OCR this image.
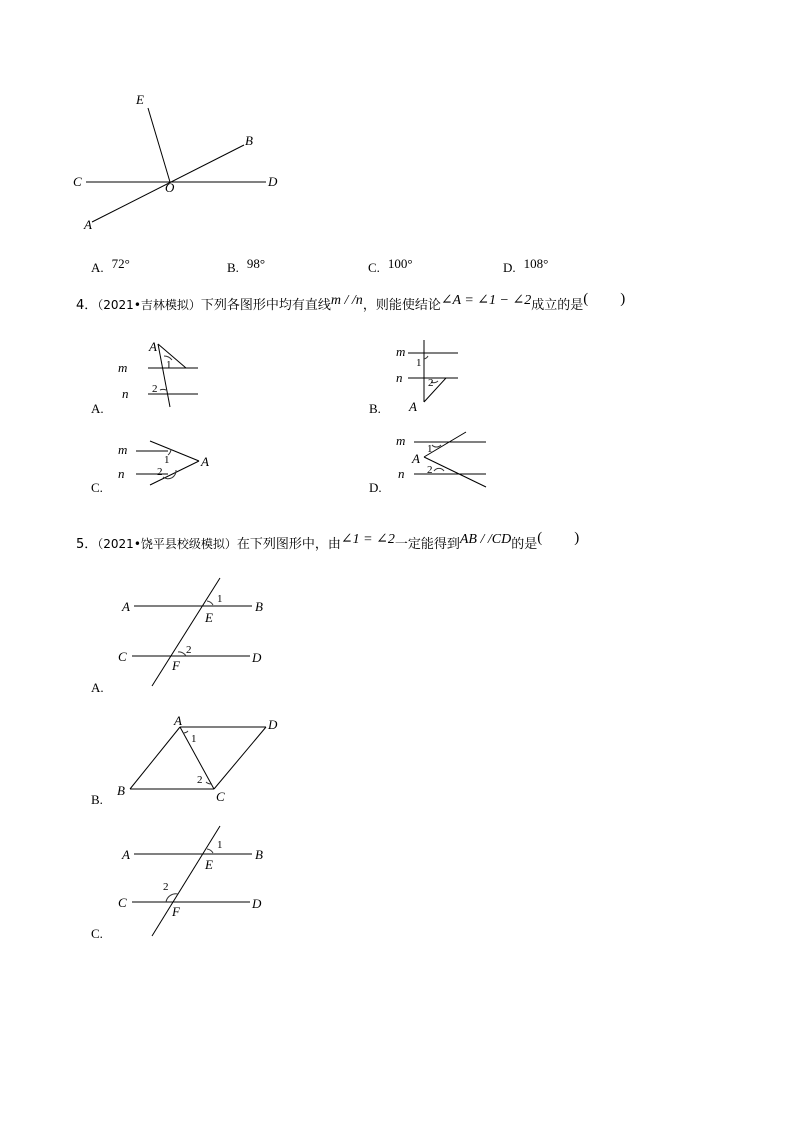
E
B
C	O	D
A
A. 72°	B. 98°	C. 100°	D. 108°
4．（2021•吉林模拟）下列各图形中均有直线m / /n，则能使结论∠A = ∠1 − ∠2成立的是( )
A
1
m
2
n
A.
m
1
n 2
A
B.
m
1 A
2
n
C.
m
1
A
2
n
D.
5．（2021•饶平县校级模拟）在下列图形中，由∠1 = ∠2一定能得到AB / /CD的是( )
A	1	B
E
C	2	D
F
A.
A	D
1
2
B	C
B.
A
1
B
E
2
C	D
F
C.
